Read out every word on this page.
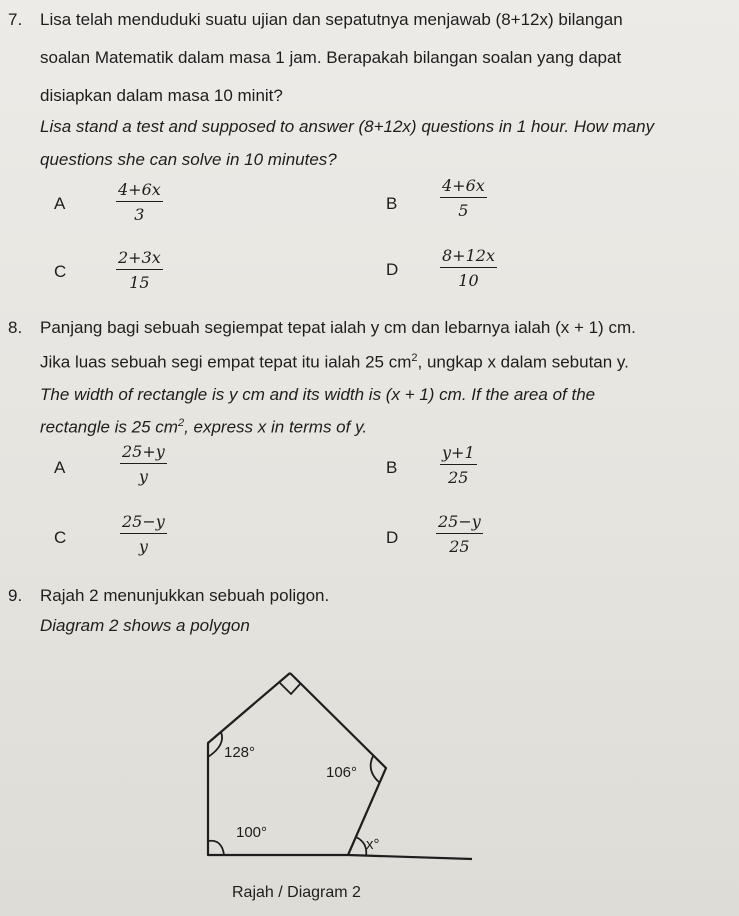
7. Lisa telah menduduki suatu ujian dan sepatutnya menjawab (8+12x) bilangan
soalan Matematik dalam masa 1 jam. Berapakah bilangan soalan yang dapat
disiapkan dalam masa 10 minit?
Lisa stand a test and supposed to answer (8+12x) questions in 1 hour. How many
questions she can solve in 10 minutes?
A	$\frac{4+6x}{3}$	B	$\frac{4+6x}{5}$
C	$\frac{2+3x}{15}$	D	$\frac{8+12x}{10}$
8. Panjang bagi sebuah segiempat tepat ialah y cm dan lebarnya ialah (x + 1) cm.
Jika luas sebuah segi empat tepat itu ialah 25 $cm^2$, ungkap x dalam sebutan y.
The width of rectangle is y cm and its width is (x + 1) cm. If the area of the
rectangle is 25 $cm^2$, express x in terms of y.
A	$\frac{25+y}{y}$	B	$\frac{y+1}{25}$
C	$\frac{25-y}{y}$	D $\frac{25-y}{25}$
9. Rajah 2 menunjukkan sebuah poligon.
Diagram 2 shows a polygon
128°
106°
100°
x°
Rajah / Diagram 2
